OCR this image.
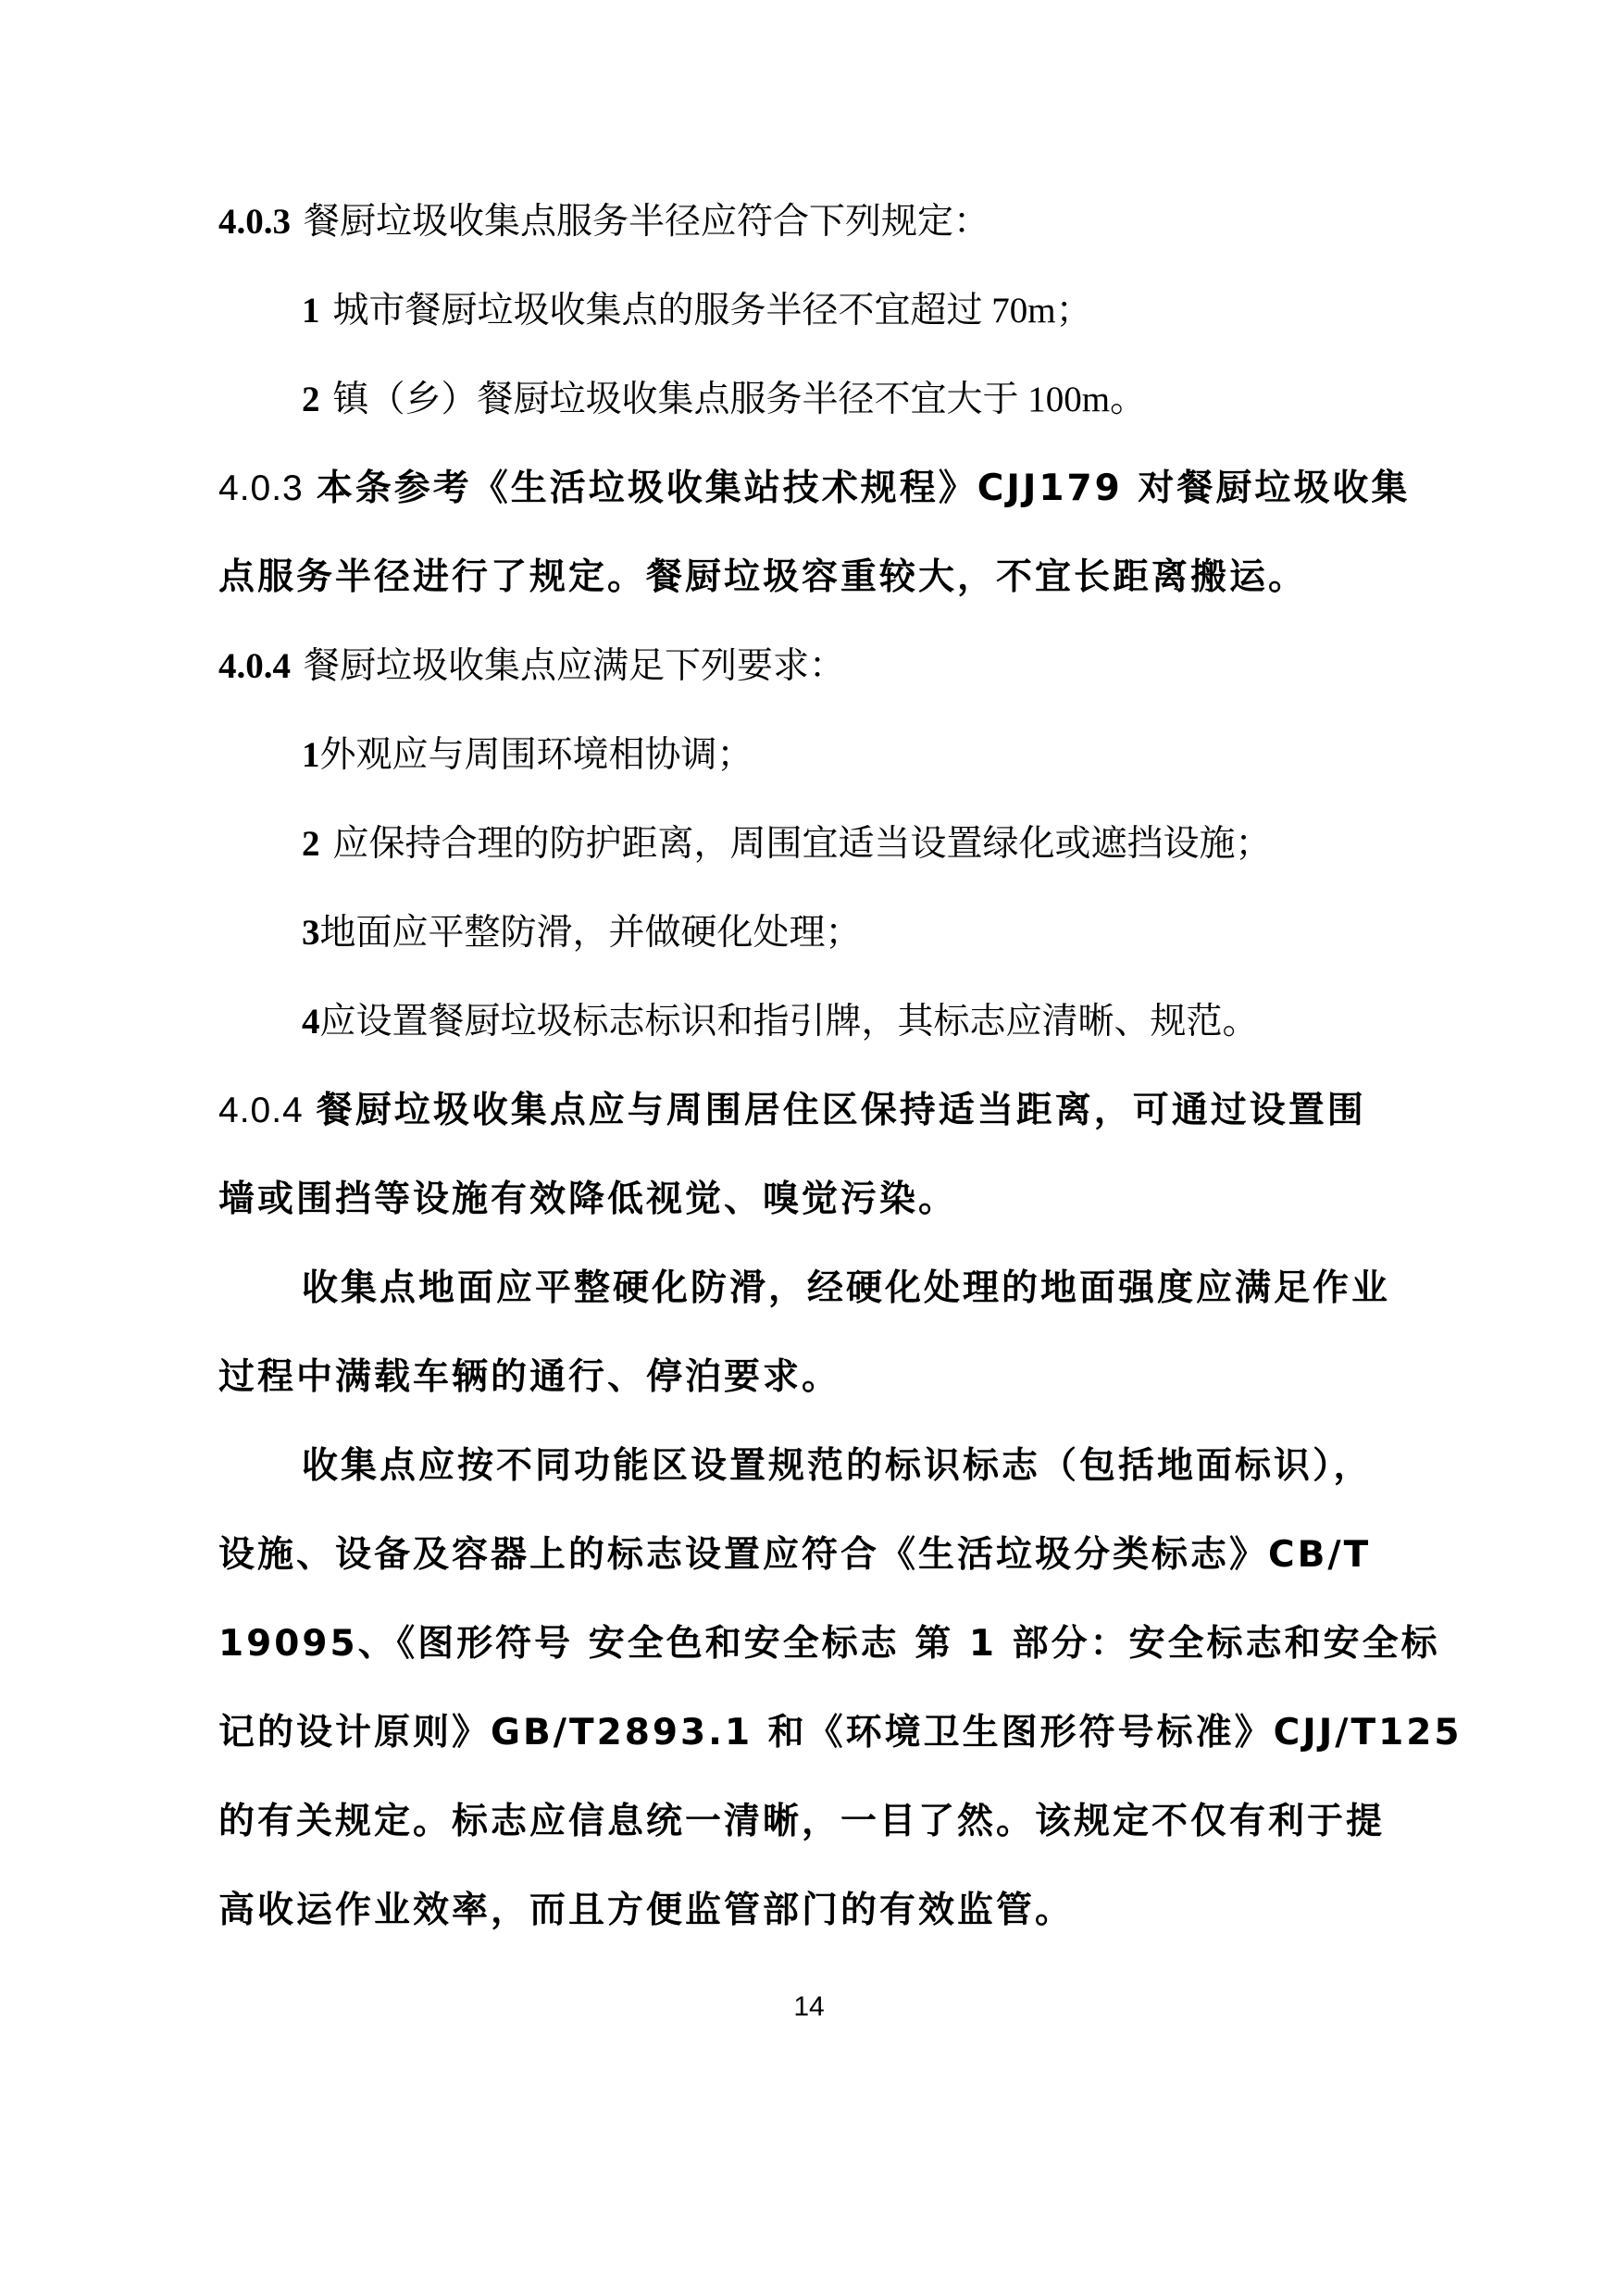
4.0.3 餐厨垃圾收集点服务半径应符合下列规定：
1 城市餐厨垃圾收集点的服务半径不宜超过 70m；
2 镇（乡）餐厨垃圾收集点服务半径不宜大于 100m。
4.0.3 本条参考《生活垃圾收集站技术规程》CJJ179 对餐厨垃圾收集
点服务半径进行了规定。餐厨垃圾容重较大，不宜长距离搬运。
4.0.4 餐厨垃圾收集点应满足下列要求：
1外观应与周围环境相协调；
2 应保持合理的防护距离，周围宜适当设置绿化或遮挡设施；
3地面应平整防滑，并做硬化处理；
4应设置餐厨垃圾标志标识和指引牌，其标志应清晰、规范。
4.0.4 餐厨垃圾收集点应与周围居住区保持适当距离，可通过设置围
墙或围挡等设施有效降低视觉、嗅觉污染。
收集点地面应平整硬化防滑，经硬化处理的地面强度应满足作业
过程中满载车辆的通行、停泊要求。
收集点应按不同功能区设置规范的标识标志（包括地面标识），
设施、设备及容器上的标志设置应符合《生活垃圾分类标志》CB/T
19095、《图形符号 安全色和安全标志 第 1 部分：安全标志和安全标
记的设计原则》GB/T2893.1 和《环境卫生图形符号标准》CJJ/T125
的有关规定。标志应信息统一清晰，一目了然。该规定不仅有利于提
高收运作业效率，而且方便监管部门的有效监管。
14
